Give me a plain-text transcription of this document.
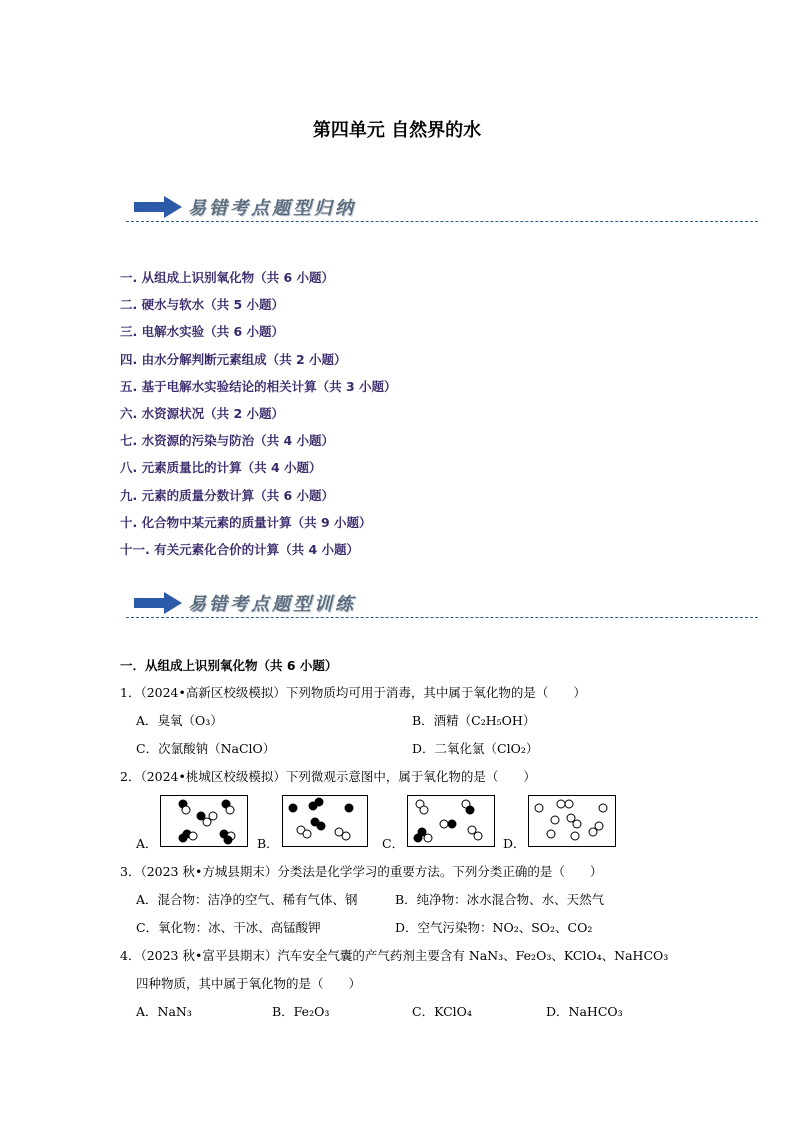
第四单元 自然界的水
易错考点题型归纳
一. 从组成上识别氧化物（共 6 小题）
二. 硬水与软水（共 5 小题）
三. 电解水实验（共 6 小题）
四. 由水分解判断元素组成（共 2 小题）
五. 基于电解水实验结论的相关计算（共 3 小题）
六. 水资源状况（共 2 小题）
七. 水资源的污染与防治（共 4 小题）
八. 元素质量比的计算（共 4 小题）
九. 元素的质量分数计算（共 6 小题）
十. 化合物中某元素的质量计算（共 9 小题）
十一. 有关元素化合价的计算（共 4 小题）
易错考点题型训练
一．从组成上识别氧化物（共 6 小题）
1．（2024•高新区校级模拟）下列物质均可用于消毒，其中属于氧化物的是（　　）
A．臭氧（O₃）	B．酒精（C₂H₅OH）
C．次氯酸钠（NaClO）	D．二氧化氯（ClO₂）
2．（2024•桃城区校级模拟）下列微观示意图中，属于氧化物的是（　　）
A．	B．	C．	D．
3．（2023 秋•方城县期末）分类法是化学学习的重要方法。下列分类正确的是（　　）
A．混合物：洁净的空气、稀有气体、钢	B．纯净物：冰水混合物、水、天然气
C．氧化物：冰、干冰、高锰酸钾	D．空气污染物：NO₂、SO₂、CO₂
4．（2023 秋•富平县期末）汽车安全气囊的产气药剂主要含有 NaN₃、Fe₂O₃、KClO₄、NaHCO₃
四种物质，其中属于氧化物的是（　　）
A．NaN₃	B．Fe₂O₃	C．KClO₄	D．NaHCO₃
